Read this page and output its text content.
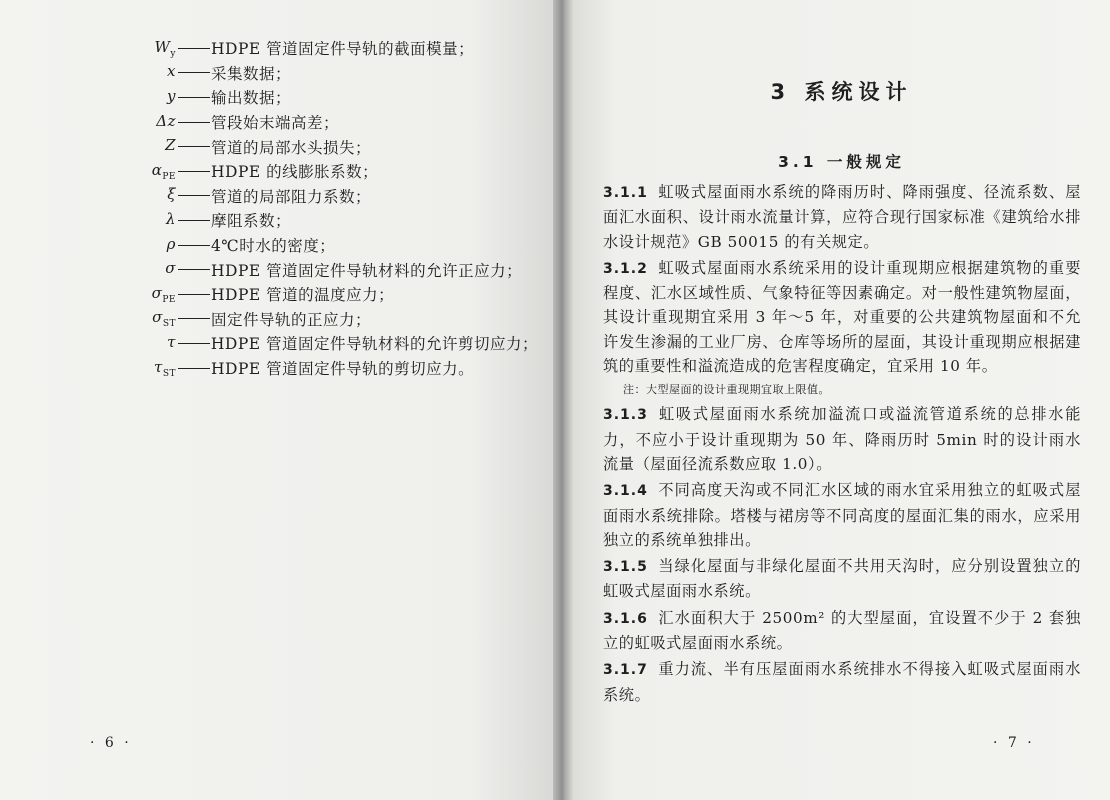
$W_y$ HDPE 管道固定件导轨的截面模量；
x 采集数据；
y 输出数据；
Δz 管段始末端高差；
Z 管道的局部水头损失；
$\alpha_{PE}$ HDPE 的线膨胀系数；
ξ 管道的局部阻力系数；
λ 摩阻系数；
ρ 4℃时水的密度；
σ HDPE 管道固定件导轨材料的允许正应力；
$\sigma_{PE}$ HDPE 管道的温度应力；
$\sigma_{ST}$ 固定件导轨的正应力；
τ HDPE 管道固定件导轨材料的允许剪切应力；
$\tau_{ST}$ HDPE 管道固定件导轨的剪切应力。
· 6 ·
3 系统设计
3.1 一般规定

3.1.1 虹吸式屋面雨水系统的降雨历时、降雨强度、径流系数、屋面汇水面积、设计雨水流量计算，应符合现行国家标准《建筑给水排水设计规范》GB 50015 的有关规定。

3.1.2 虹吸式屋面雨水系统采用的设计重现期应根据建筑物的重要程度、汇水区域性质、气象特征等因素确定。对一般性建筑物屋面，其设计重现期宜采用 3 年～5 年，对重要的公共建筑物屋面和不允许发生渗漏的工业厂房、仓库等场所的屋面，其设计重现期应根据建筑的重要性和溢流造成的危害程度确定，宜采用 10 年。

注：大型屋面的设计重现期宜取上限值。

3.1.3 虹吸式屋面雨水系统加溢流口或溢流管道系统的总排水能力，不应小于设计重现期为 50 年、降雨历时 5min 时的设计雨水流量（屋面径流系数应取 1.0）。

3.1.4 不同高度天沟或不同汇水区域的雨水宜采用独立的虹吸式屋面雨水系统排除。塔楼与裙房等不同高度的屋面汇集的雨水，应采用独立的系统单独排出。

3.1.5 当绿化屋面与非绿化屋面不共用天沟时，应分别设置独立的虹吸式屋面雨水系统。

3.1.6 汇水面积大于 2500m² 的大型屋面，宜设置不少于 2 套独立的虹吸式屋面雨水系统。

3.1.7 重力流、半有压屋面雨水系统排水不得接入虹吸式屋面雨水系统。

· 7 ·
